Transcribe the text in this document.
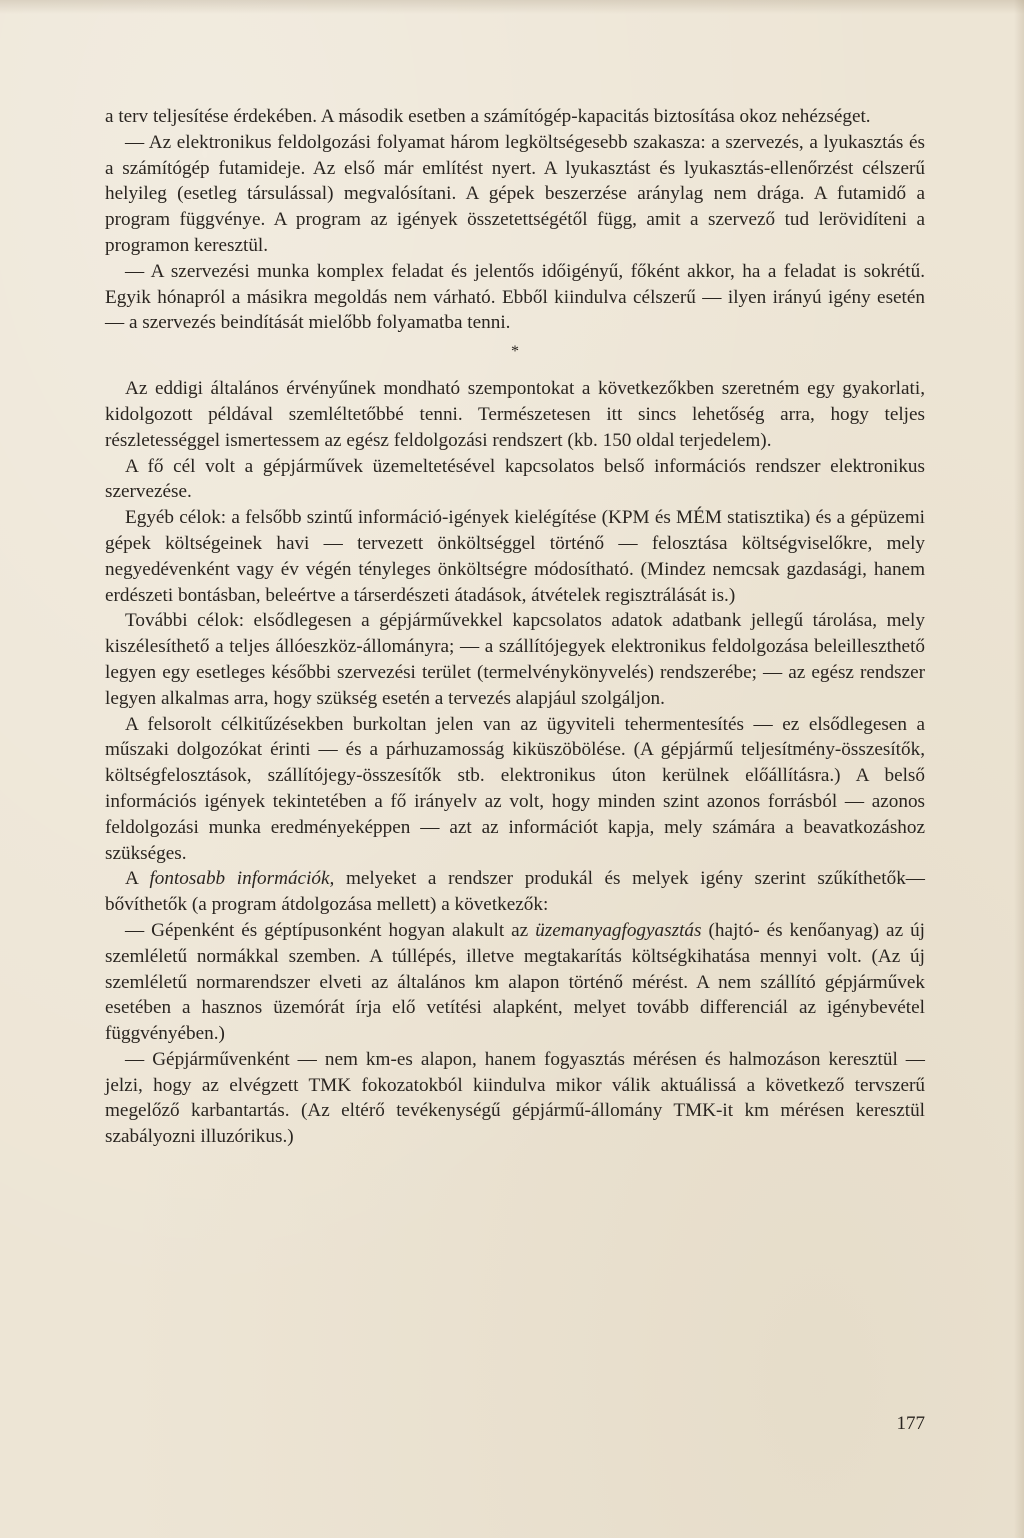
a terv teljesítése érdekében. A második esetben a számítógép-kapacitás biztosítása okoz nehézséget.

— Az elektronikus feldolgozási folyamat három legköltségesebb szakasza: a szervezés, a lyukasztás és a számítógép futamideje. Az első már említést nyert. A lyukasztást és lyukasztás-ellenőrzést célszerű helyileg (esetleg társulással) megvalósítani. A gépek beszerzése aránylag nem drága. A futamidő a program függvénye. A program az igények összetettségétől függ, amit a szervező tud lerövidíteni a programon keresztül.

— A szervezési munka komplex feladat és jelentős időigényű, főként akkor, ha a feladat is sokrétű. Egyik hónapról a másikra megoldás nem várható. Ebből kiindulva célszerű — ilyen irányú igény esetén — a szervezés beindítását mielőbb folyamatba tenni.

*

Az eddigi általános érvényűnek mondható szempontokat a következőkben szeretném egy gyakorlati, kidolgozott példával szemléltetőbbé tenni. Természetesen itt sincs lehetőség arra, hogy teljes részletességgel ismertessem az egész feldolgozási rendszert (kb. 150 oldal terjedelem).

A fő cél volt a gépjárművek üzemeltetésével kapcsolatos belső információs rendszer elektronikus szervezése.

Egyéb célok: a felsőbb szintű információ-igények kielégítése (KPM és MÉM statisztika) és a gépüzemi gépek költségeinek havi — tervezett önköltséggel történő — felosztása költségviselőkre, mely negyedévenként vagy év végén tényleges önköltségre módosítható. (Mindez nemcsak gazdasági, hanem erdészeti bontásban, beleértve a társerdészeti átadások, átvételek regisztrálását is.)

További célok: elsődlegesen a gépjárművekkel kapcsolatos adatok adatbank jellegű tárolása, mely kiszélesíthető a teljes állóeszköz-állományra; — a szállítójegyek elektronikus feldolgozása beleilleszthető legyen egy esetleges későbbi szervezési terület (termelvénykönyvelés) rendszerébe; — az egész rendszer legyen alkalmas arra, hogy szükség esetén a tervezés alapjául szolgáljon.

A felsorolt célkitűzésekben burkoltan jelen van az ügyviteli tehermentesítés — ez elsődlegesen a műszaki dolgozókat érinti — és a párhuzamosság kiküszöbölése. (A gépjármű teljesítmény-összesítők, költségfelosztások, szállítójegy-összesítők stb. elektronikus úton kerülnek előállításra.) A belső információs igények tekintetében a fő irányelv az volt, hogy minden szint azonos forrásból — azonos feldolgozási munka eredményeképpen — azt az információt kapja, mely számára a beavatkozáshoz szükséges.

A fontosabb információk, melyeket a rendszer produkál és melyek igény szerint szűkíthetők—bővíthetők (a program átdolgozása mellett) a következők:

— Gépenként és géptípusonként hogyan alakult az üzemanyagfogyasztás (hajtó- és kenőanyag) az új szemléletű normákkal szemben. A túllépés, illetve megtakarítás költségkihatása mennyi volt. (Az új szemléletű normarendszer elveti az általános km alapon történő mérést. A nem szállító gépjárművek esetében a hasznos üzemórát írja elő vetítési alapként, melyet tovább differenciál az igénybevétel függvényében.)

— Gépjárművenként — nem km-es alapon, hanem fogyasztás mérésen és halmozáson keresztül — jelzi, hogy az elvégzett TMK fokozatokból kiindulva mikor válik aktuálissá a következő tervszerű megelőző karbantartás. (Az eltérő tevékenységű gépjármű-állomány TMK-it km mérésen keresztül szabályozni illuzórikus.)

177
